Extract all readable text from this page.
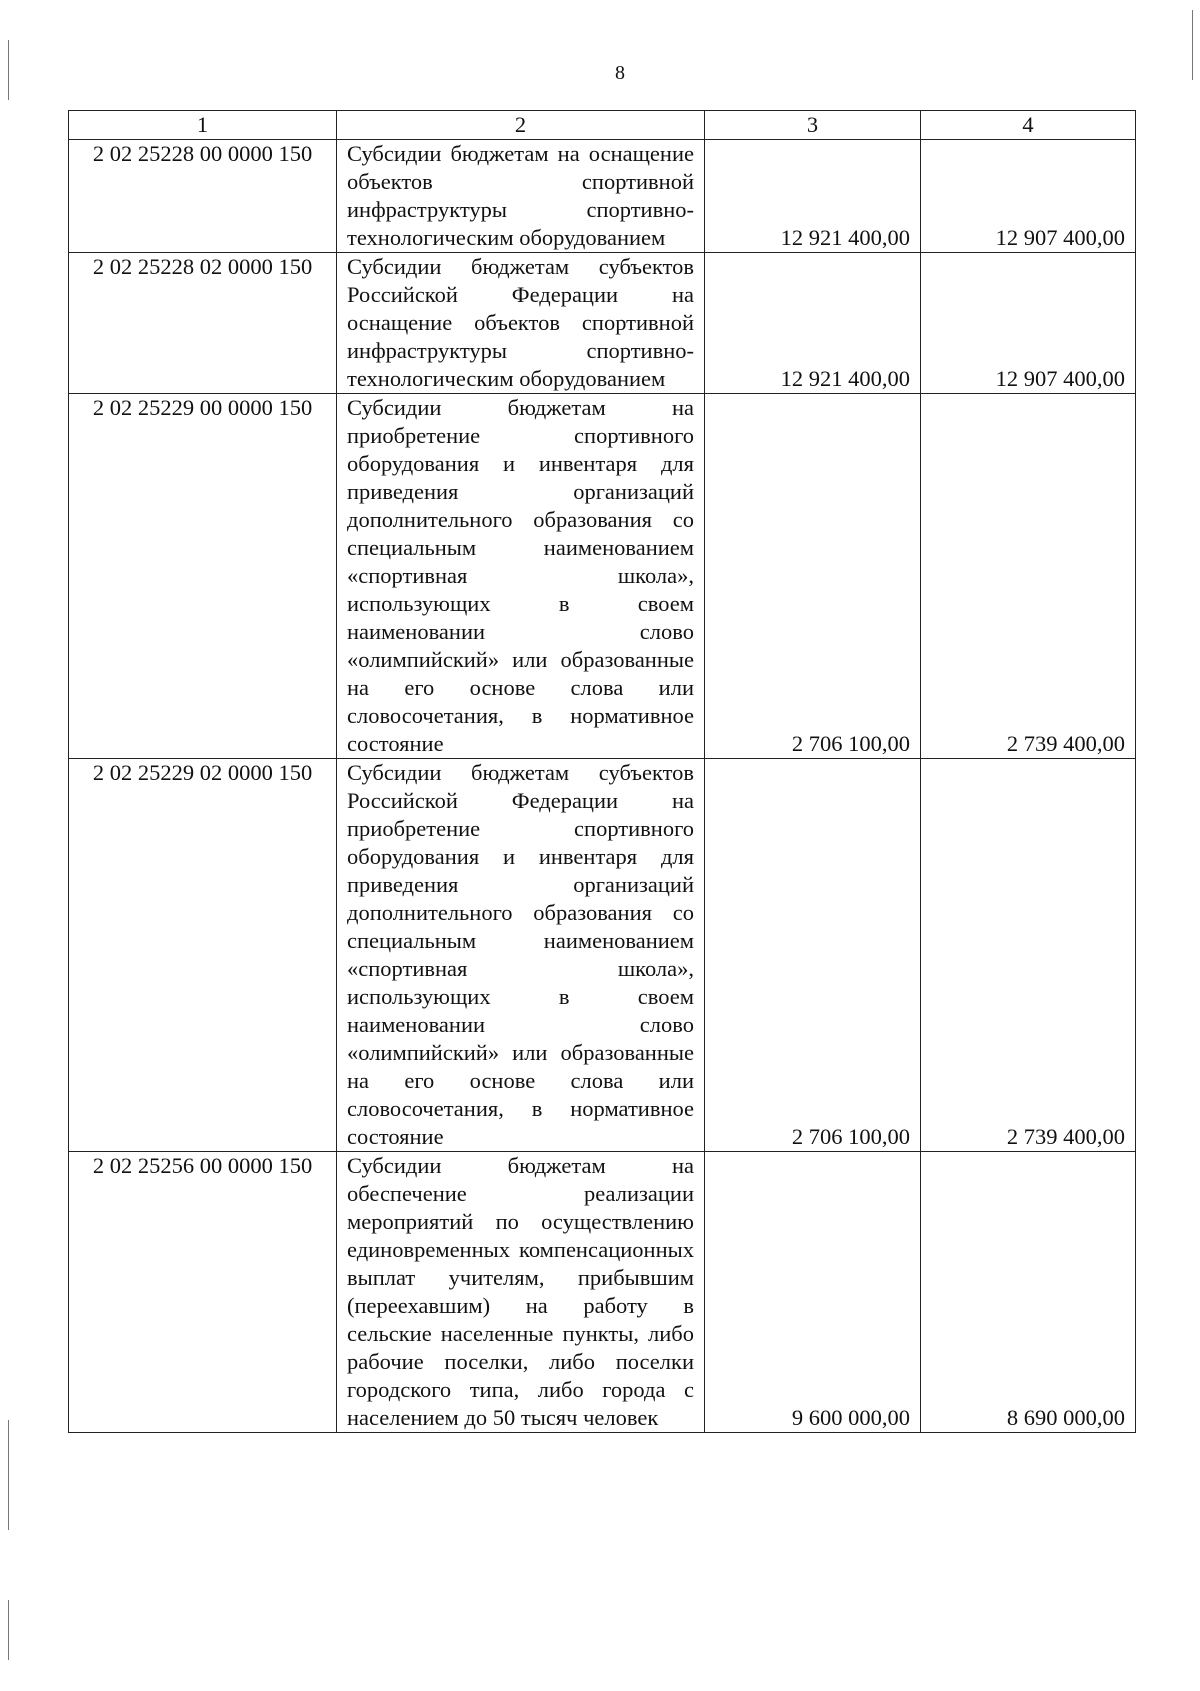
8
1	2	3	4
2 02 25228 00 0000 150	Субсидии бюджетам на оснащение объектов спортивной инфраструктуры спортивно-технологическим оборудованием	12 921 400,00	12 907 400,00
2 02 25228 02 0000 150	Субсидии бюджетам субъектов Российской Федерации на оснащение объектов спортивной инфраструктуры спортивно-технологическим оборудованием	12 921 400,00	12 907 400,00
2 02 25229 00 0000 150	Субсидии бюджетам на приобретение спортивного оборудования и инвентаря для приведения организаций дополнительного образования со специальным наименованием «спортивная школа», использующих в своем наименовании слово «олимпийский» или образованные на его основе слова или словосочетания, в нормативное состояние	2 706 100,00	2 739 400,00
2 02 25229 02 0000 150	Субсидии бюджетам субъектов Российской Федерации на приобретение спортивного оборудования и инвентаря для приведения организаций дополнительного образования со специальным наименованием «спортивная школа», использующих в своем наименовании слово «олимпийский» или образованные на его основе слова или словосочетания, в нормативное состояние	2 706 100,00	2 739 400,00
2 02 25256 00 0000 150	Субсидии бюджетам на обеспечение реализации мероприятий по осуществлению единовременных компенсационных выплат учителям, прибывшим (переехавшим) на работу в сельские населенные пункты, либо рабочие поселки, либо поселки городского типа, либо города с населением до 50 тысяч человек	9 600 000,00	8 690 000,00
